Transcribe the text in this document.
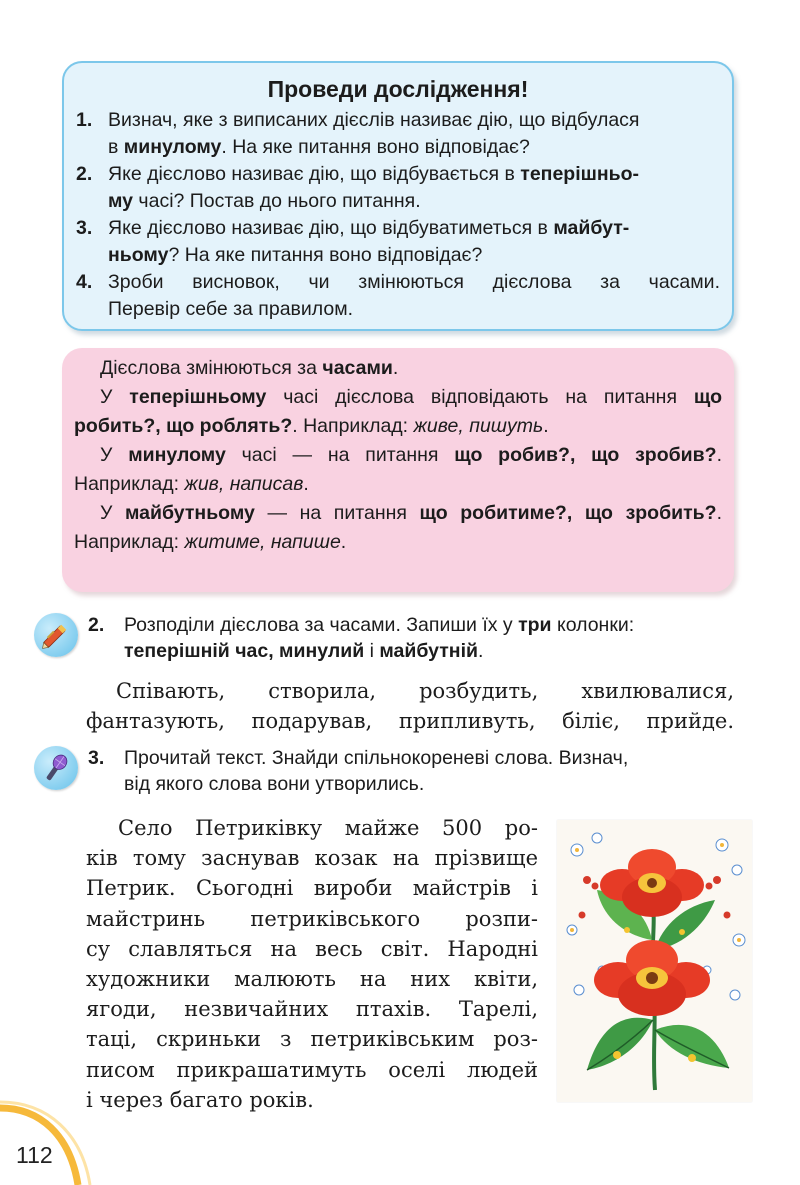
Проведи дослідження!
1. Визнач, яке з виписаних дієслів називає дію, що відбулася
в минулому. На яке питання воно відповідає?
2. Яке дієслово називає дію, що відбувається в теперішньо-
му часі? Постав до нього питання.
3. Яке дієслово називає дію, що відбуватиметься в майбут-
ньому? На яке питання воно відповідає?
4. Зроби висновок, чи змінюються дієслова за часами.
Перевір себе за правилом.

Дієслова змінюються за часами.

У теперішньому часі дієслова відповідають на питання що робить?, що роблять?. Наприклад: живе, пишуть.

У минулому часі — на питання що робив?, що зробив?. Наприклад: жив, написав.

У майбутньому — на питання що робитиме?, що зробить?. Наприклад: житиме, напише.

2.	Розподіли дієслова за часами. Запиши їх у три колонки:
теперішній час, минулий і майбутній.

Співають, створила, розбудить, хвилювалися,

фантазують, подарував, припливуть, біліє, прийде.

3.	Прочитай текст. Знайди спільнокореневі слова. Визнач,
від якого слова вони утворились.

Село Петриківку майже 500 ро-

ків тому заснував козак на прізвище

Петрик. Сьогодні вироби майстрів і

майстринь петриківського розпи-

су славляться на весь світ. Народні

художники малюють на них квіти,

ягоди, незвичайних птахів. Тарелі,

таці, скриньки з петриківським роз-

писом прикрашатимуть оселі людей

і через багато років.

112
